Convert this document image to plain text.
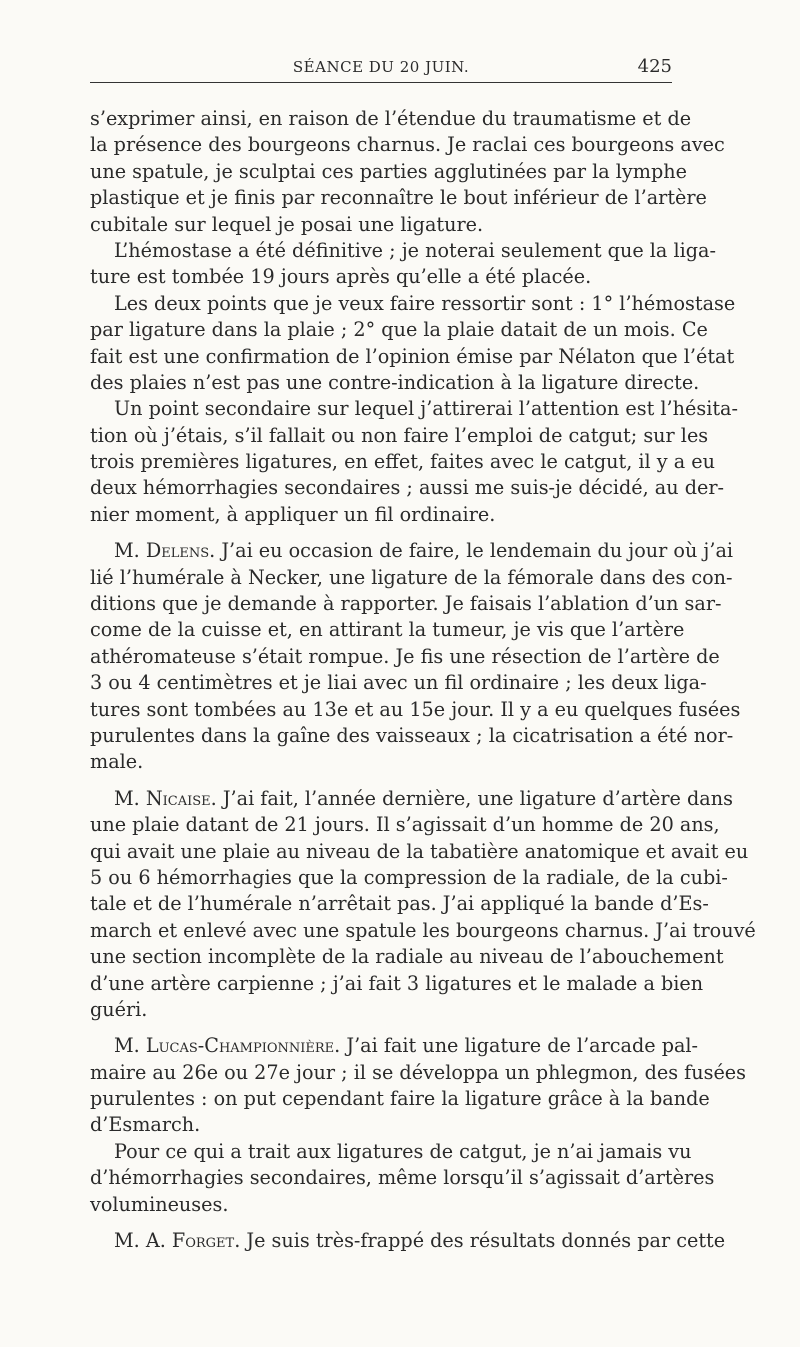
SÉANCE DU 20 JUIN.	425
s’exprimer ainsi, en raison de l’étendue du traumatisme et de
la présence des bourgeons charnus. Je raclai ces bourgeons avec
une spatule, je sculptai ces parties agglutinées par la lymphe
plastique et je finis par reconnaître le bout inférieur de l’artère
cubitale sur lequel je posai une ligature.
L’hémostase a été définitive ; je noterai seulement que la liga-
ture est tombée 19 jours après qu’elle a été placée.
Les deux points que je veux faire ressortir sont : 1° l’hémostase
par ligature dans la plaie ; 2° que la plaie datait de un mois. Ce
fait est une confirmation de l’opinion émise par Nélaton que l’état
des plaies n’est pas une contre-indication à la ligature directe.
Un point secondaire sur lequel j’attirerai l’attention est l’hésita-
tion où j’étais, s’il fallait ou non faire l’emploi de catgut; sur les
trois premières ligatures, en effet, faites avec le catgut, il y a eu
deux hémorrhagies secondaires ; aussi me suis-je décidé, au der-
nier moment, à appliquer un fil ordinaire.
M. Delens. J’ai eu occasion de faire, le lendemain du jour où j’ai
lié l’humérale à Necker, une ligature de la fémorale dans des con-
ditions que je demande à rapporter. Je faisais l’ablation d’un sar-
come de la cuisse et, en attirant la tumeur, je vis que l’artère
athéromateuse s’était rompue. Je fis une résection de l’artère de
3 ou 4 centimètres et je liai avec un fil ordinaire ; les deux liga-
tures sont tombées au 13e et au 15e jour. Il y a eu quelques fusées
purulentes dans la gaîne des vaisseaux ; la cicatrisation a été nor-
male.
M. Nicaise. J’ai fait, l’année dernière, une ligature d’artère dans
une plaie datant de 21 jours. Il s’agissait d’un homme de 20 ans,
qui avait une plaie au niveau de la tabatière anatomique et avait eu
5 ou 6 hémorrhagies que la compression de la radiale, de la cubi-
tale et de l’humérale n’arrêtait pas. J’ai appliqué la bande d’Es-
march et enlevé avec une spatule les bourgeons charnus. J’ai trouvé
une section incomplète de la radiale au niveau de l’abouchement
d’une artère carpienne ; j’ai fait 3 ligatures et le malade a bien
guéri.
M. Lucas-Championnière. J’ai fait une ligature de l’arcade pal-
maire au 26e ou 27e jour ; il se développa un phlegmon, des fusées
purulentes : on put cependant faire la ligature grâce à la bande
d’Esmarch.
Pour ce qui a trait aux ligatures de catgut, je n’ai jamais vu
d’hémorrhagies secondaires, même lorsqu’il s’agissait d’artères
volumineuses.
M. A. Forget. Je suis très-frappé des résultats donnés par cette
